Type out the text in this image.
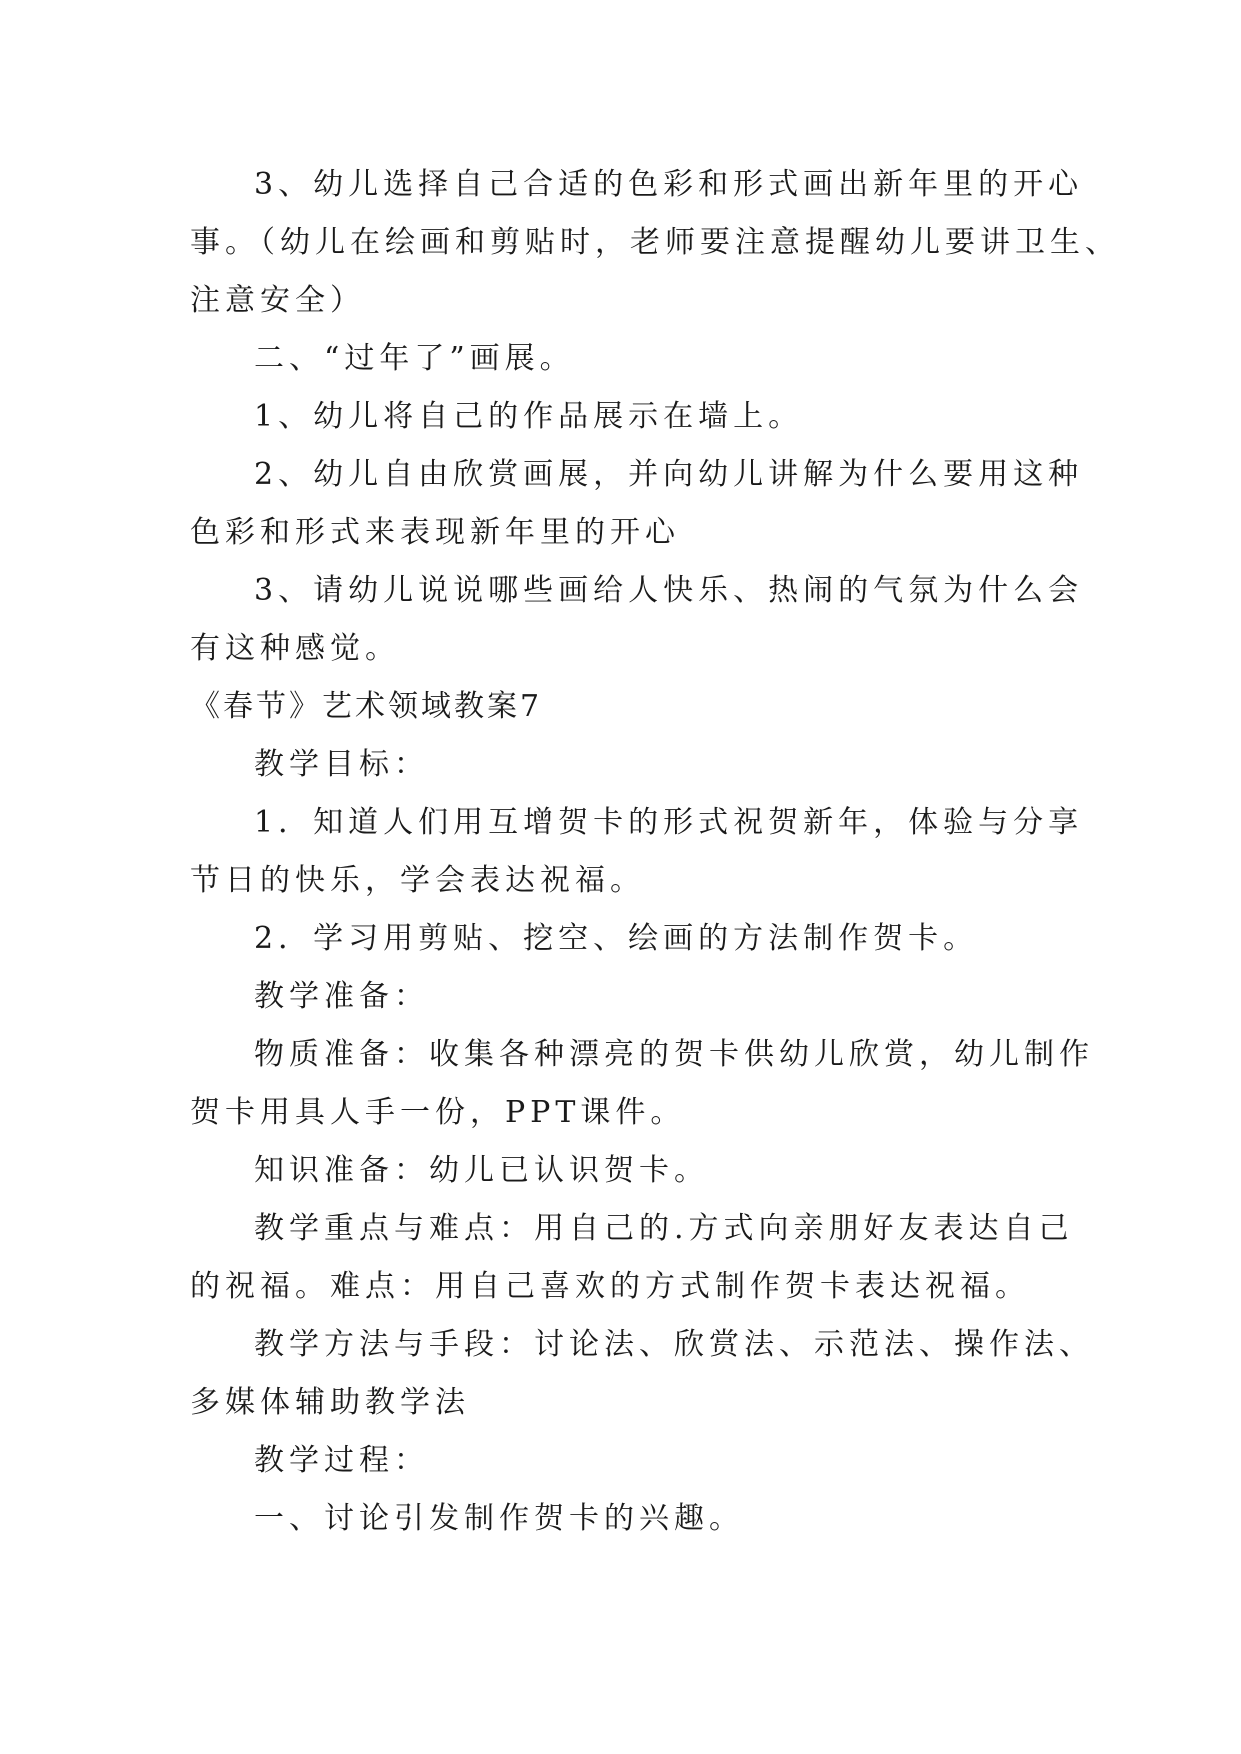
3、幼儿选择自己合适的色彩和形式画出新年里的开心
事。（幼儿在绘画和剪贴时，老师要注意提醒幼儿要讲卫生、
注意安全）
二、“过年了”画展。
1、幼儿将自己的作品展示在墙上。
2、幼儿自由欣赏画展，并向幼儿讲解为什么要用这种
色彩和形式来表现新年里的开心
3、请幼儿说说哪些画给人快乐、热闹的气氛为什么会
有这种感觉。
《春节》艺术领域教案7
教学目标：
1．知道人们用互增贺卡的形式祝贺新年，体验与分享
节日的快乐，学会表达祝福。
2．学习用剪贴、挖空、绘画的方法制作贺卡。
教学准备：
物质准备：收集各种漂亮的贺卡供幼儿欣赏，幼儿制作
贺卡用具人手一份，PPT课件。
知识准备：幼儿已认识贺卡。
教学重点与难点：用自己的.方式向亲朋好友表达自己
的祝福。难点：用自己喜欢的方式制作贺卡表达祝福。
教学方法与手段：讨论法、欣赏法、示范法、操作法、
多媒体辅助教学法
教学过程：
一、讨论引发制作贺卡的兴趣。
